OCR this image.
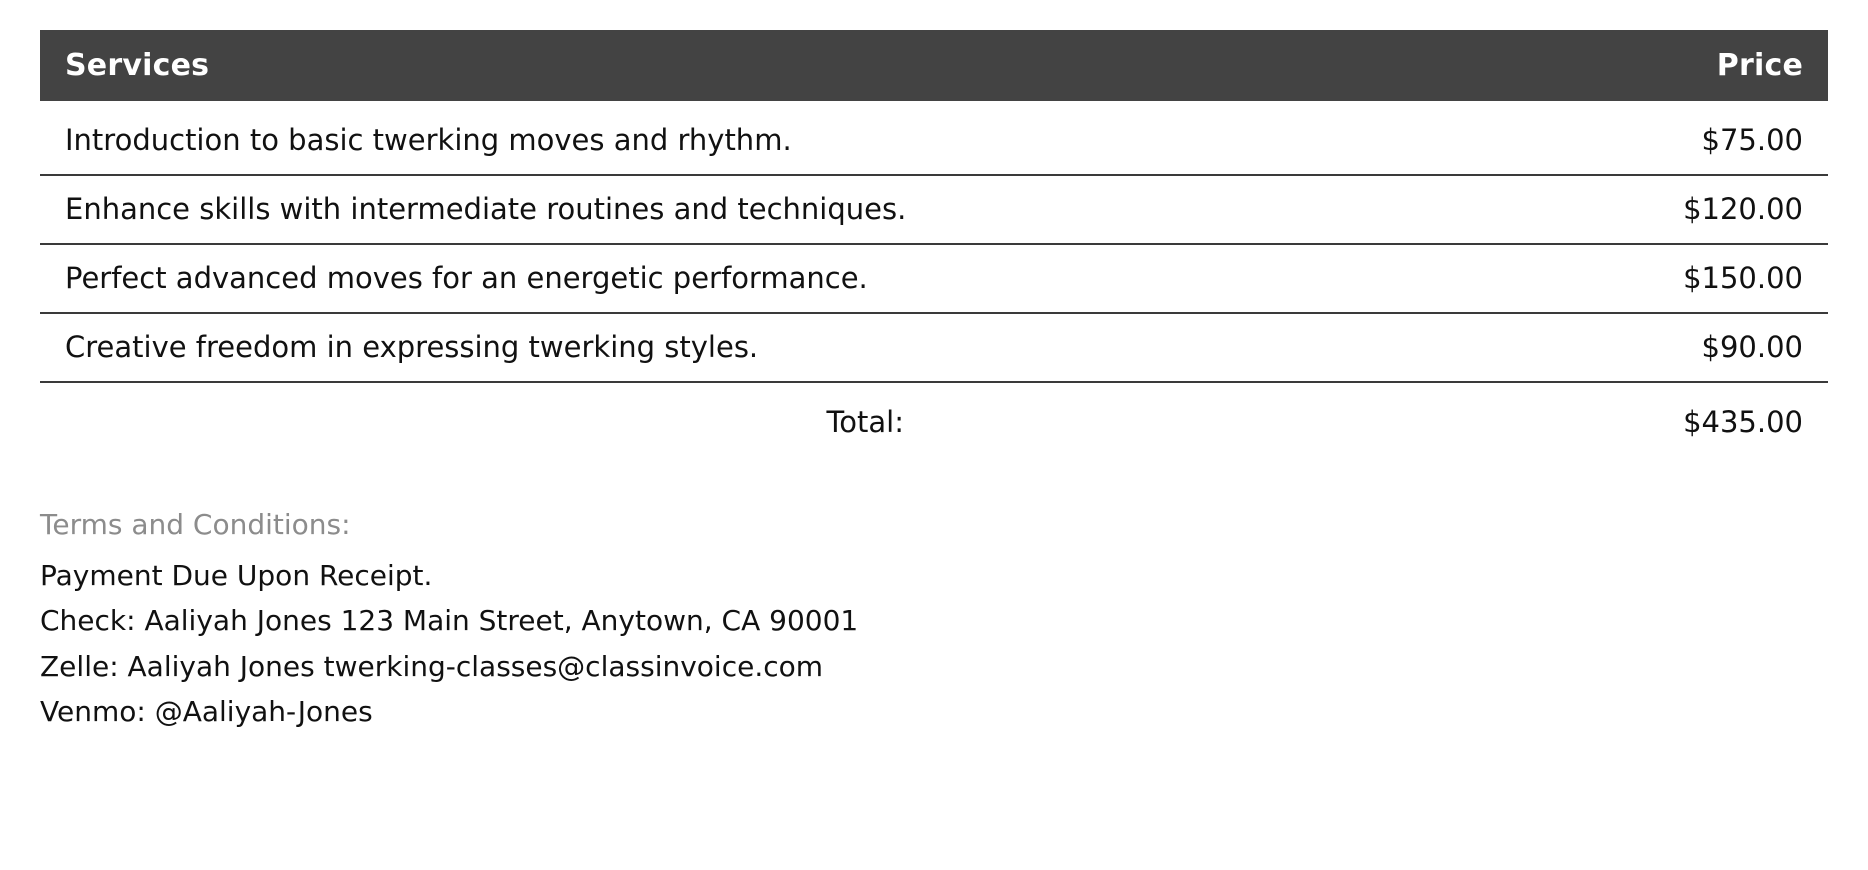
Services	Price
Introduction to basic twerking moves and rhythm.	$75.00
Enhance skills with intermediate routines and techniques.	$120.00
Perfect advanced moves for an energetic performance.	$150.00
Creative freedom in expressing twerking styles.	$90.00
Total:	$435.00
Terms and Conditions:
Payment Due Upon Receipt.
Check: Aaliyah Jones 123 Main Street, Anytown, CA 90001
Zelle: Aaliyah Jones twerking-classes@classinvoice.com
Venmo: @Aaliyah-Jones
